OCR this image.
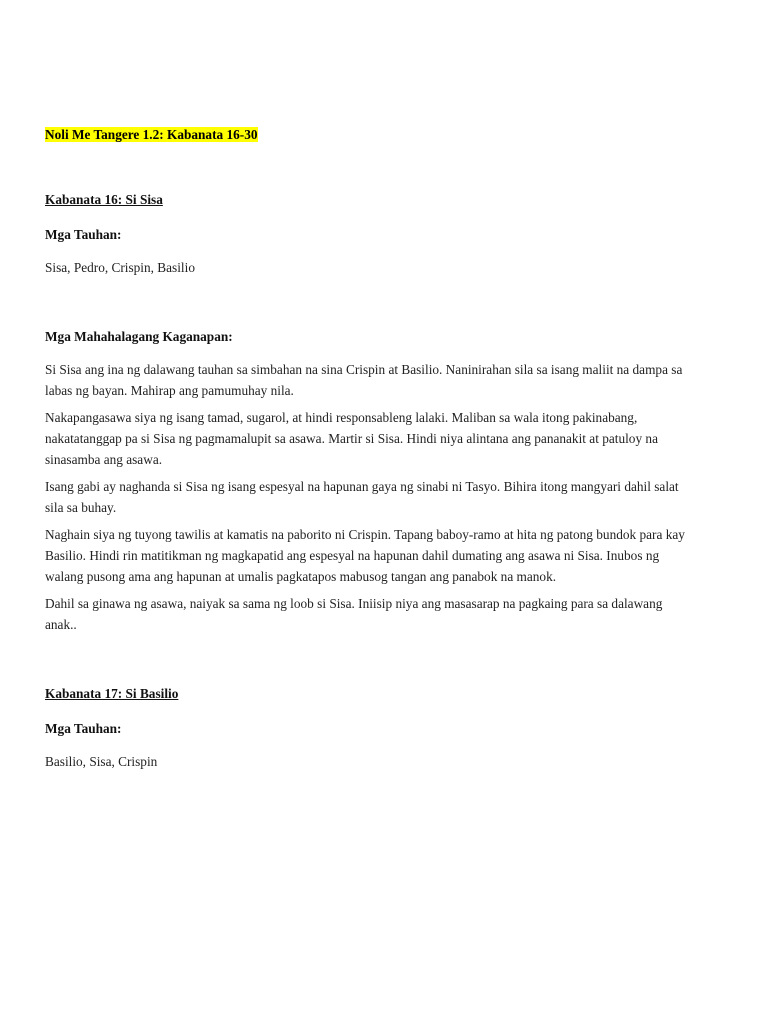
Noli Me Tangere 1.2: Kabanata 16-30
Kabanata 16: Si Sisa
Mga Tauhan:

Sisa, Pedro, Crispin, Basilio

Mga Mahahalagang Kaganapan:

Si Sisa ang ina ng dalawang tauhan sa simbahan na sina Crispin at Basilio. Naninirahan sila sa isang maliit na dampa sa labas ng bayan. Mahirap ang pamumuhay nila.

Nakapangasawa siya ng isang tamad, sugarol, at hindi responsableng lalaki. Maliban sa wala itong pakinabang, nakatatanggap pa si Sisa ng pagmamalupit sa asawa. Martir si Sisa. Hindi niya alintana ang pananakit at patuloy na sinasamba ang asawa.

Isang gabi ay naghanda si Sisa ng isang espesyal na hapunan gaya ng sinabi ni Tasyo. Bihira itong mangyari dahil salat sila sa buhay.

Naghain siya ng tuyong tawilis at kamatis na paborito ni Crispin. Tapang baboy-ramo at hita ng patong bundok para kay Basilio. Hindi rin matitikman ng magkapatid ang espesyal na hapunan dahil dumating ang asawa ni Sisa. Inubos ng walang pusong ama ang hapunan at umalis pagkatapos mabusog tangan ang panabok na manok.

Dahil sa ginawa ng asawa, naiyak sa sama ng loob si Sisa. Iniisip niya ang masasarap na pagkaing para sa dalawang anak..

Kabanata 17: Si Basilio
Mga Tauhan:

Basilio, Sisa, Crispin
